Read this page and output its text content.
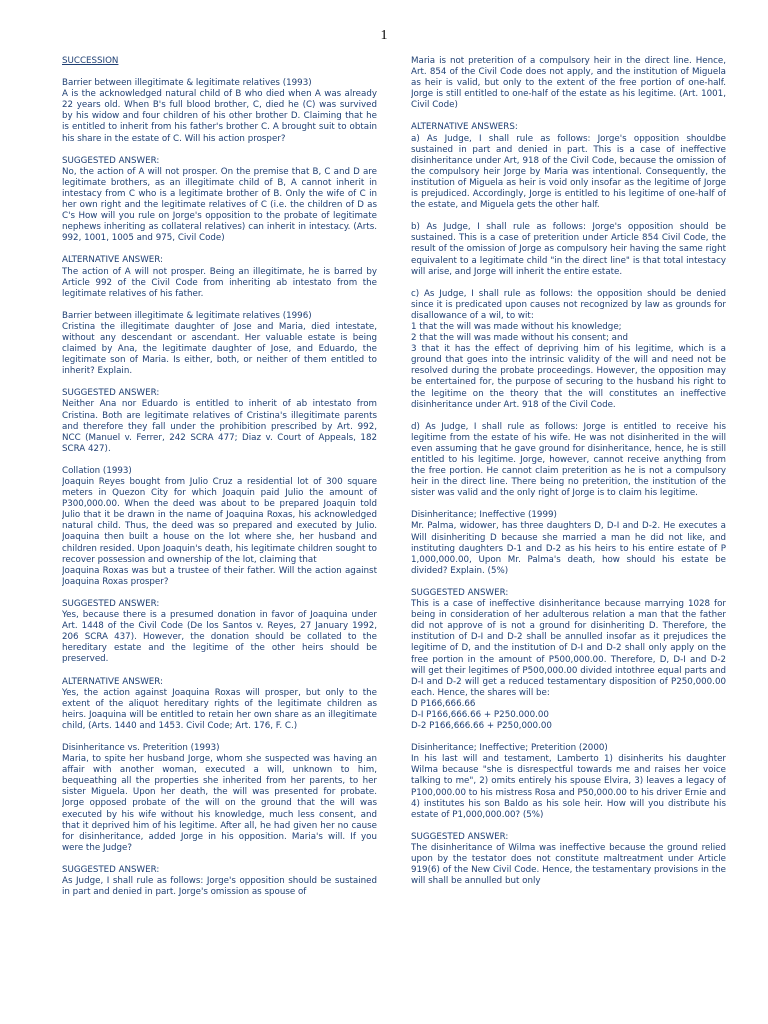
1

SUCCESSION

Barrier between illegitimate & legitimate relatives (1993)

A is the acknowledged natural child of B who died when A was already 22 years old. When B's full blood brother, C, died he (C) was survived by his widow and four children of his other brother D. Claiming that he is entitled to inherit from his father's brother C. A brought suit to obtain his share in the estate of C. Will his action prosper?

SUGGESTED ANSWER:

No, the action of A will not prosper. On the premise that B, C and D are legitimate brothers, as an illegitimate child of B, A cannot inherit in intestacy from C who is a legitimate brother of B. Only the wife of C in her own right and the legitimate relatives of C (i.e. the children of D as C's How will you rule on Jorge's opposition to the probate of legitimate nephews inheriting as collateral relatives) can inherit in intestacy. (Arts. 992, 1001, 1005 and 975, Civil Code)

ALTERNATIVE ANSWER:

The action of A will not prosper. Being an illegitimate, he is barred by Article 992 of the Civil Code from inheriting ab intestato from the legitimate relatives of his father.

Barrier between illegitimate & legitimate relatives (1996)

Cristina the illegitimate daughter of Jose and Maria, died intestate, without any descendant or ascendant. Her valuable estate is being claimed by Ana, the legitimate daughter of Jose, and Eduardo, the legitimate son of Maria. Is either, both, or neither of them entitled to inherit? Explain.

SUGGESTED ANSWER:

Neither Ana nor Eduardo is entitled to inherit of ab intestato from Cristina. Both are legitimate relatives of Cristina's illegitimate parents and therefore they fall under the prohibition prescribed by Art. 992, NCC (Manuel v. Ferrer, 242 SCRA 477; Diaz v. Court of Appeals, 182 SCRA 427).

Collation (1993)

Joaquin Reyes bought from Julio Cruz a residential lot of 300 square meters in Quezon City for which Joaquin paid Julio the amount of P300,000.00. When the deed was about to be prepared Joaquin told Julio that it be drawn in the name of Joaquina Roxas, his acknowledged natural child. Thus, the deed was so prepared and executed by Julio. Joaquina then built a house on the lot where she, her husband and children resided. Upon Joaquin's death, his legitimate children sought to recover possession and ownership of the lot, claiming that

Joaquina Roxas was but a trustee of their father. Will the action against Joaquina Roxas prosper?

SUGGESTED ANSWER:

Yes, because there is a presumed donation in favor of Joaquina under Art. 1448 of the Civil Code (De los Santos v. Reyes, 27 January 1992, 206 SCRA 437). However, the donation should be collated to the hereditary estate and the legitime of the other heirs should be preserved.

ALTERNATIVE ANSWER:

Yes, the action against Joaquina Roxas will prosper, but only to the extent of the aliquot hereditary rights of the legitimate children as heirs. Joaquina will be entitled to retain her own share as an illegitimate child, (Arts. 1440 and 1453. Civil Code; Art. 176, F. C.)

Disinheritance vs. Preterition (1993)

Maria, to spite her husband Jorge, whom she suspected was having an affair with another woman, executed a will, unknown to him, bequeathing all the properties she inherited from her parents, to her sister Miguela. Upon her death, the will was presented for probate. Jorge opposed probate of the will on the ground that the will was executed by his wife without his knowledge, much less consent, and that it deprived him of his legitime. After all, he had given her no cause for disinheritance, added Jorge in his opposition. Maria's will. If you were the Judge?

SUGGESTED ANSWER:

As Judge, I shall rule as follows: Jorge's opposition should be sustained in part and denied in part. Jorge's omission as spouse of

Maria is not preterition of a compulsory heir in the direct line. Hence, Art. 854 of the Civil Code does not apply, and the institution of Miguela as heir is valid, but only to the extent of the free portion of one-half. Jorge is still entitled to one-half of the estate as his legitime. (Art. 1001, Civil Code)

ALTERNATIVE ANSWERS:

a) As Judge, I shall rule as follows: Jorge's opposition shouldbe sustained in part and denied in part. This is a case of ineffective disinheritance under Art, 918 of the Civil Code, because the omission of the compulsory heir Jorge by Maria was intentional. Consequently, the institution of Miguela as heir is void only insofar as the legitime of Jorge is prejudiced. Accordingly, Jorge is entitled to his legitime of one-half of the estate, and Miguela gets the other half.

b) As Judge, I shall rule as follows: Jorge's opposition should be sustained. This is a case of preterition under Article 854 Civil Code, the result of the omission of Jorge as compulsory heir having the same right equivalent to a legitimate child "in the direct line" is that total intestacy will arise, and Jorge will inherit the entire estate.

c) As Judge, I shall rule as follows: the opposition should be denied since it is predicated upon causes not recognized by law as grounds for disallowance of a wil, to wit:

1 that the will was made without his knowledge;

2 that the will was made without his consent; and

3 that it has the effect of depriving him of his legitime, which is a ground that goes into the intrinsic validity of the will and need not be resolved during the probate proceedings. However, the opposition may be entertained for, the purpose of securing to the husband his right to the legitime on the theory that the will constitutes an ineffective disinheritance under Art. 918 of the Civil Code.

d) As Judge, I shall rule as follows: Jorge is entitled to receive his legitime from the estate of his wife. He was not disinherited in the will even assuming that he gave ground for disinheritance, hence, he is still entitled to his legitime. Jorge, however, cannot receive anything from the free portion. He cannot claim preterition as he is not a compulsory heir in the direct line. There being no preterition, the institution of the sister was valid and the only right of Jorge is to claim his legitime.

Disinheritance; Ineffective (1999)

Mr. Palma, widower, has three daughters D, D-I and D-2. He executes a Will disinheriting D because she married a man he did not like, and instituting daughters D-1 and D-2 as his heirs to his entire estate of P 1,000,000.00, Upon Mr. Palma's death, how should his estate be divided? Explain. (5%)

SUGGESTED ANSWER:

This is a case of ineffective disinheritance because marrying 1028 for being in consideration of her adulterous relation a man that the father did not approve of is not a ground for disinheriting D. Therefore, the institution of D-I and D-2 shall be annulled insofar as it prejudices the legitime of D, and the institution of D-I and D-2 shall only apply on the free portion in the amount of P500,000.00. Therefore, D, D-I and D-2 will get their legitimes of P500,000.00 divided intothree equal parts and D-I and D-2 will get a reduced testamentary disposition of P250,000.00 each. Hence, the shares will be:

D P166,666.66

D-I P166,666.66 + P250.000.00

D-2 P166,666.66 + P250,000.00

Disinheritance; Ineffective; Preterition (2000)

In his last will and testament, Lamberto 1) disinherits his daughter Wilma because "she is disrespectful towards me and raises her voice talking to me", 2) omits entirely his spouse Elvira, 3) leaves a legacy of P100,000.00 to his mistress Rosa and P50,000.00 to his driver Ernie and 4) institutes his son Baldo as his sole heir. How will you distribute his estate of P1,000,000.00? (5%)

SUGGESTED ANSWER:

The disinheritance of Wilma was ineffective because the ground relied upon by the testator does not constitute maltreatment under Article 919(6) of the New Civil Code. Hence, the testamentary provisions in the will shall be annulled but only
